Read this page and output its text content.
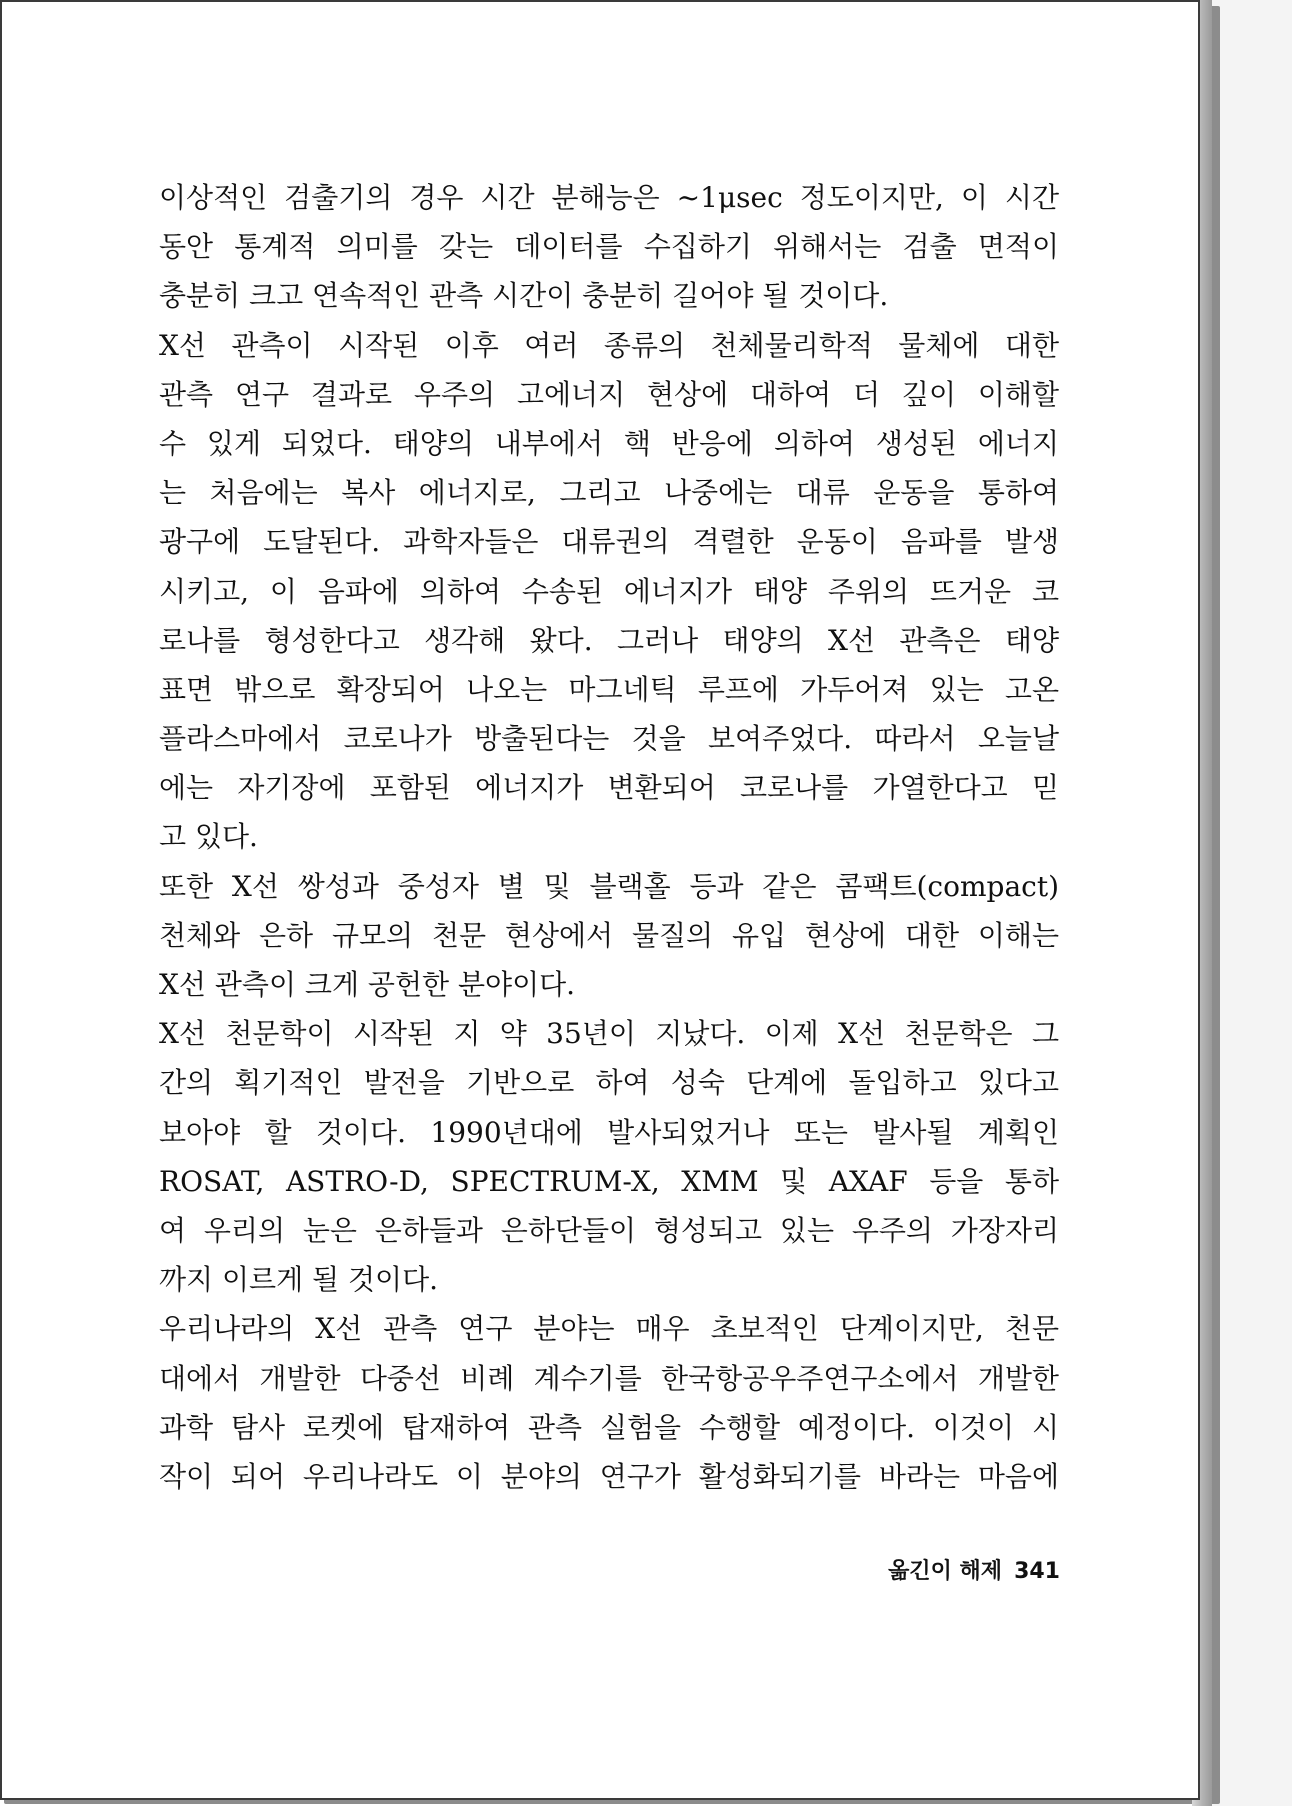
이상적인 검출기의 경우 시간 분해능은 ~1μsec 정도이지만, 이 시간
동안 통계적 의미를 갖는 데이터를 수집하기 위해서는 검출 면적이
충분히 크고 연속적인 관측 시간이 충분히 길어야 될 것이다.
X선 관측이 시작된 이후 여러 종류의 천체물리학적 물체에 대한
관측 연구 결과로 우주의 고에너지 현상에 대하여 더 깊이 이해할
수 있게 되었다. 태양의 내부에서 핵 반응에 의하여 생성된 에너지
는 처음에는 복사 에너지로, 그리고 나중에는 대류 운동을 통하여
광구에 도달된다. 과학자들은 대류권의 격렬한 운동이 음파를 발생
시키고, 이 음파에 의하여 수송된 에너지가 태양 주위의 뜨거운 코
로나를 형성한다고 생각해 왔다. 그러나 태양의 X선 관측은 태양
표면 밖으로 확장되어 나오는 마그네틱 루프에 가두어져 있는 고온
플라스마에서 코로나가 방출된다는 것을 보여주었다. 따라서 오늘날
에는 자기장에 포함된 에너지가 변환되어 코로나를 가열한다고 믿
고 있다.
또한 X선 쌍성과 중성자 별 및 블랙홀 등과 같은 콤팩트(compact)
천체와 은하 규모의 천문 현상에서 물질의 유입 현상에 대한 이해는
X선 관측이 크게 공헌한 분야이다.
X선 천문학이 시작된 지 약 35년이 지났다. 이제 X선 천문학은 그
간의 획기적인 발전을 기반으로 하여 성숙 단계에 돌입하고 있다고
보아야 할 것이다. 1990년대에 발사되었거나 또는 발사될 계획인
ROSAT, ASTRO-D, SPECTRUM-X, XMM 및 AXAF 등을 통하
여 우리의 눈은 은하들과 은하단들이 형성되고 있는 우주의 가장자리
까지 이르게 될 것이다.
우리나라의 X선 관측 연구 분야는 매우 초보적인 단계이지만, 천문
대에서 개발한 다중선 비례 계수기를 한국항공우주연구소에서 개발한
과학 탐사 로켓에 탑재하여 관측 실험을 수행할 예정이다. 이것이 시
작이 되어 우리나라도 이 분야의 연구가 활성화되기를 바라는 마음에
옮긴이 해제 341
